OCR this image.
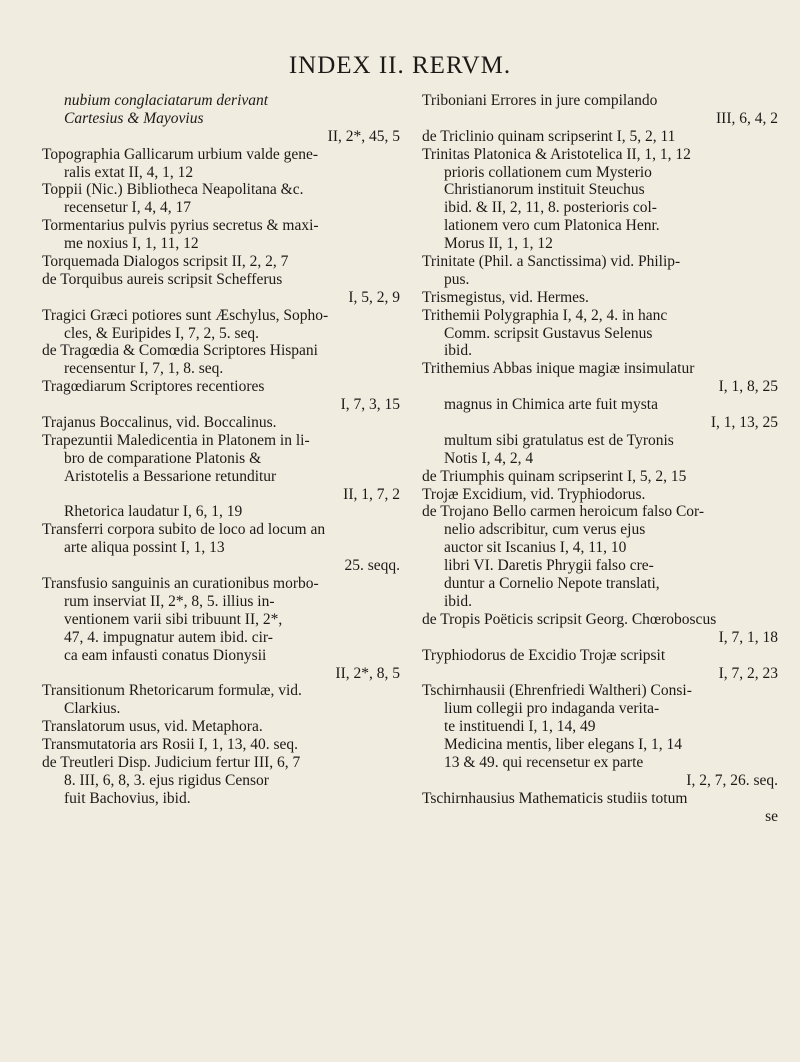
INDEX II. RERVM.
nubium conglaciatarum derivant
Cartesius & Mayovius
II, 2*, 45, 5
Topographia Gallicarum urbium valde gene-
ralis extat II, 4, 1, 12
Toppii (Nic.) Bibliotheca Neapolitana &c.
recensetur I, 4, 4, 17
Tormentarius pulvis pyrius secretus & maxi-
me noxius I, 1, 11, 12
Torquemada Dialogos scripsit II, 2, 2, 7
de Torquibus aureis scripsit Schefferus
I, 5, 2, 9
Tragici Græci potiores sunt Æschylus, Sopho-
cles, & Euripides I, 7, 2, 5. seq.
de Tragœdia & Comœdia Scriptores Hispani
recensentur I, 7, 1, 8. seq.
Tragœdiarum Scriptores recentiores
I, 7, 3, 15
Trajanus Boccalinus, vid. Boccalinus.
Trapezuntii Maledicentia in Platonem in li-
bro de comparatione Platonis &
Aristotelis a Bessarione retunditur
II, 1, 7, 2
Rhetorica laudatur I, 6, 1, 19
Transferri corpora subito de loco ad locum an
arte aliqua possint I, 1, 13
25. seqq.
Transfusio sanguinis an curationibus morbo-
rum inserviat II, 2*, 8, 5. illius in-
ventionem varii sibi tribuunt II, 2*,
47, 4. impugnatur autem ibid. cir-
ca eam infausti conatus Dionysii
II, 2*, 8, 5
Transitionum Rhetoricarum formulæ, vid.
Clarkius.
Translatorum usus, vid. Metaphora.
Transmutatoria ars Rosii I, 1, 13, 40. seq.
de Treutleri Disp. Judicium fertur III, 6, 7
8. III, 6, 8, 3. ejus rigidus Censor
fuit Bachovius, ibid.
Triboniani Errores in jure compilando
III, 6, 4, 2
de Triclinio quinam scripserint I, 5, 2, 11
Trinitas Platonica & Aristotelica II, 1, 1, 12
prioris collationem cum Mysterio
Christianorum instituit Steuchus
ibid. & II, 2, 11, 8. posterioris col-
lationem vero cum Platonica Henr.
Morus II, 1, 1, 12
Trinitate (Phil. a Sanctissima) vid. Philip-
pus.
Trismegistus, vid. Hermes.
Trithemii Polygraphia I, 4, 2, 4. in hanc
Comm. scripsit Gustavus Selenus
ibid.
Trithemius Abbas inique magiæ insimulatur
I, 1, 8, 25
magnus in Chimica arte fuit mysta
I, 1, 13, 25
multum sibi gratulatus est de Tyronis
Notis I, 4, 2, 4
de Triumphis quinam scripserint I, 5, 2, 15
Trojæ Excidium, vid. Tryphiodorus.
de Trojano Bello carmen heroicum falso Cor-
nelio adscribitur, cum verus ejus
auctor sit Iscanius I, 4, 11, 10
libri VI. Daretis Phrygii falso cre-
duntur a Cornelio Nepote translati,
ibid.
de Tropis Poëticis scripsit Georg. Chœroboscus
I, 7, 1, 18
Tryphiodorus de Excidio Trojæ scripsit
I, 7, 2, 23
Tschirnhausii (Ehrenfriedi Waltheri) Consi-
lium collegii pro indaganda verita-
te instituendi I, 1, 14, 49
Medicina mentis, liber elegans I, 1, 14
13 & 49. qui recensetur ex parte
I, 2, 7, 26. seq.
Tschirnhausius Mathematicis studiis totum
se
